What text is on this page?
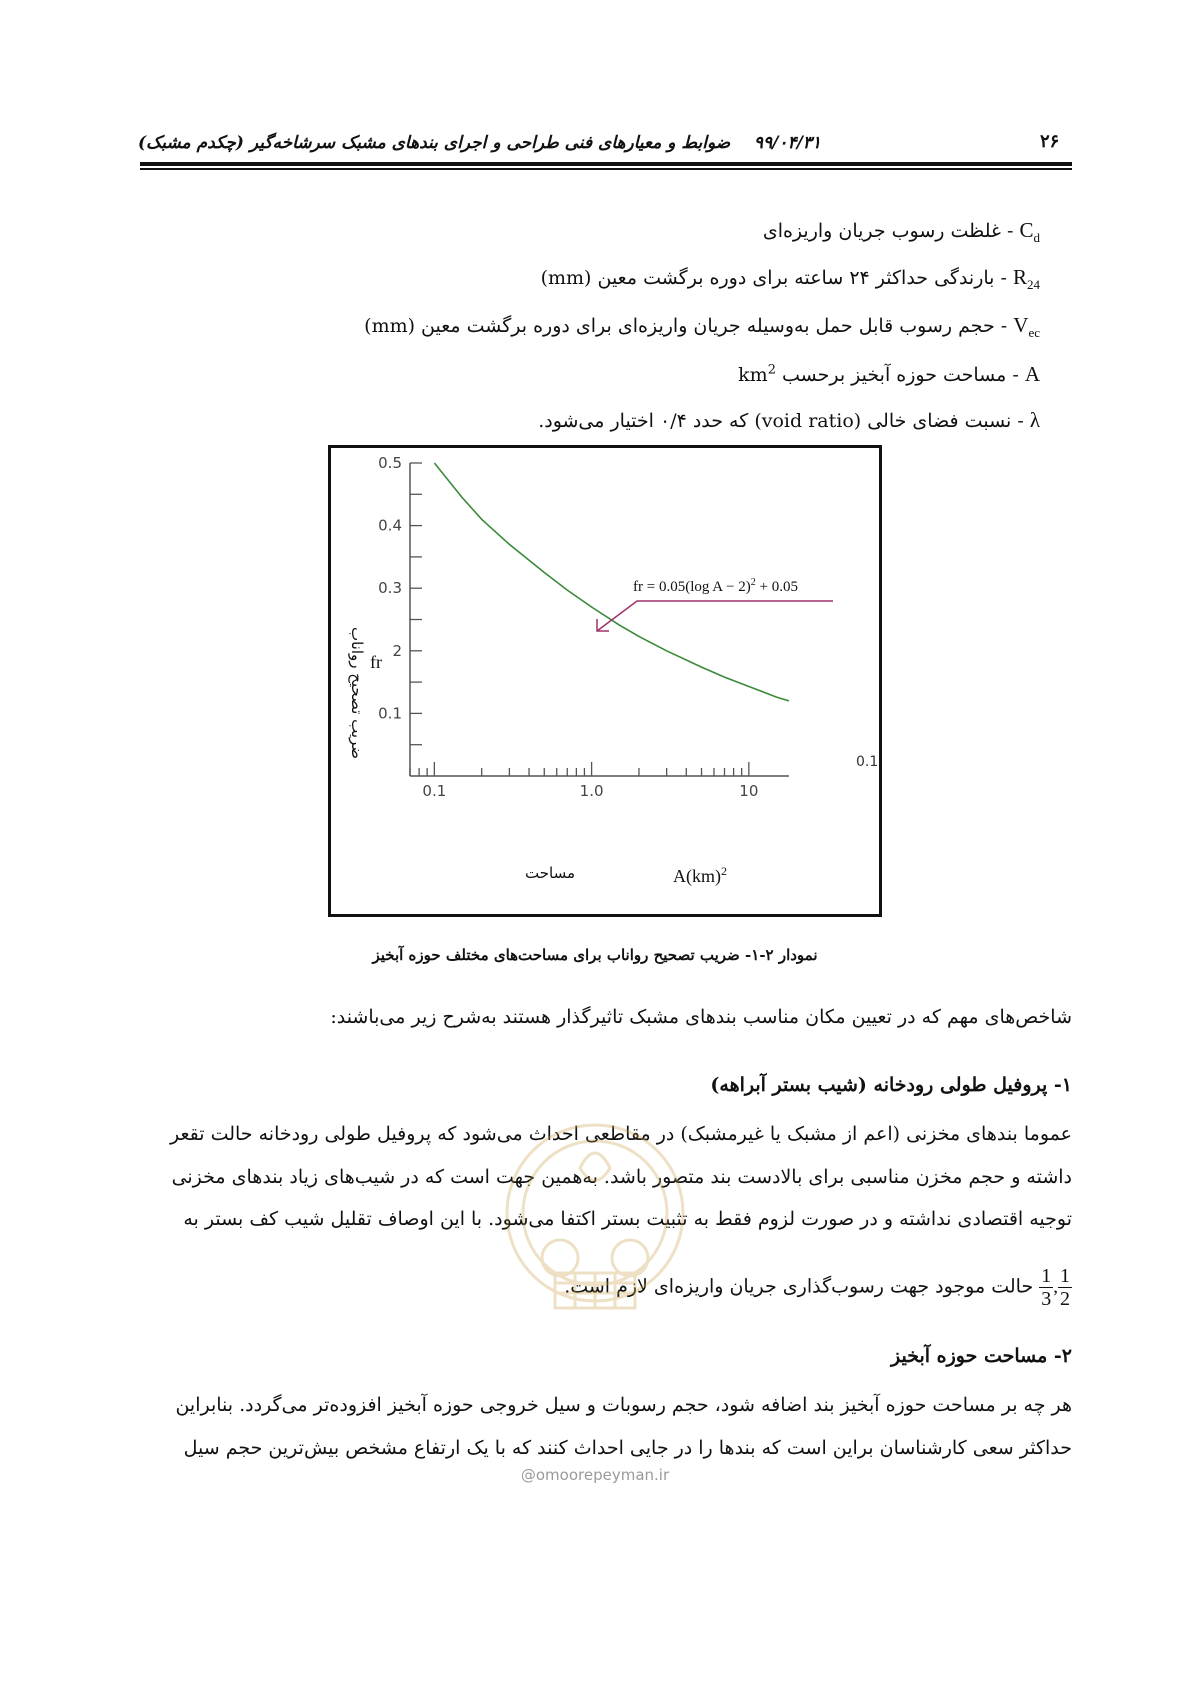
۲۶
۹۹/۰۴/۳۱    ضوابط و معیارهای فنی طراحی و اجرای بندهای مشبک سرشاخه‌گیر (چکدم مشبک)
$C_d$ - غلظت رسوب جریان واریزه‌ای
$R_{24}$ - بارندگی حداکثر ۲۴ ساعته برای دوره برگشت معین (mm)
$V_{ec}$ - حجم رسوب قابل حمل به‌وسیله جریان واریزه‌ای برای دوره برگشت معین (mm)
A - مساحت حوزه آبخیز برحسب $km^2$
λ - نسبت فضای خالی (void ratio) که حدد ۰/۴ اختیار می‌شود.
0.5
0.4
0.3
2
0.1
0.1	1.0	10
fr = 0.05(log A − 2)$^2$ + 0.05
0.1
A(km)$^2$
مساحت
fr
ضریب تصحیح رواناب
نمودار ۲-۱- ضریب تصحیح رواناب برای مساحت‌های مختلف حوزه آبخیز
شاخص‌های مهم که در تعیین مکان مناسب بندهای مشبک تاثیرگذار هستند به‌شرح زیر می‌باشند:
۱- پروفیل طولی رودخانه (شیب بستر آبراهه)
عموما بندهای مخزنی (اعم از مشبک یا غیرمشبک) در مقاطعی احداث می‌شود که پروفیل طولی رودخانه حالت تقعر
داشته و حجم مخزن مناسبی برای بالادست بند متصور باشد. به‌همین جهت است که در شیب‌های زیاد بندهای مخزنی
توجیه اقتصادی نداشته و در صورت لزوم فقط به تثبیت بستر اکتفا می‌شود. با این اوصاف تقلیل شیب کف بستر به
$\frac{1}{2}$
,
$\frac{1}{3}$
حالت موجود جهت رسوب‌گذاری جریان واریزه‌ای لازم است.
۲- مساحت حوزه آبخیز
هر چه بر مساحت حوزه آبخیز بند اضافه شود، حجم رسوبات و سیل خروجی حوزه آبخیز افزوده‌تر می‌گردد. بنابراین
حداکثر سعی کارشناسان براین است که بندها را در جایی احداث کنند که با یک ارتفاع مشخص بیش‌ترین حجم سیل
@omoorepeyman.ir
